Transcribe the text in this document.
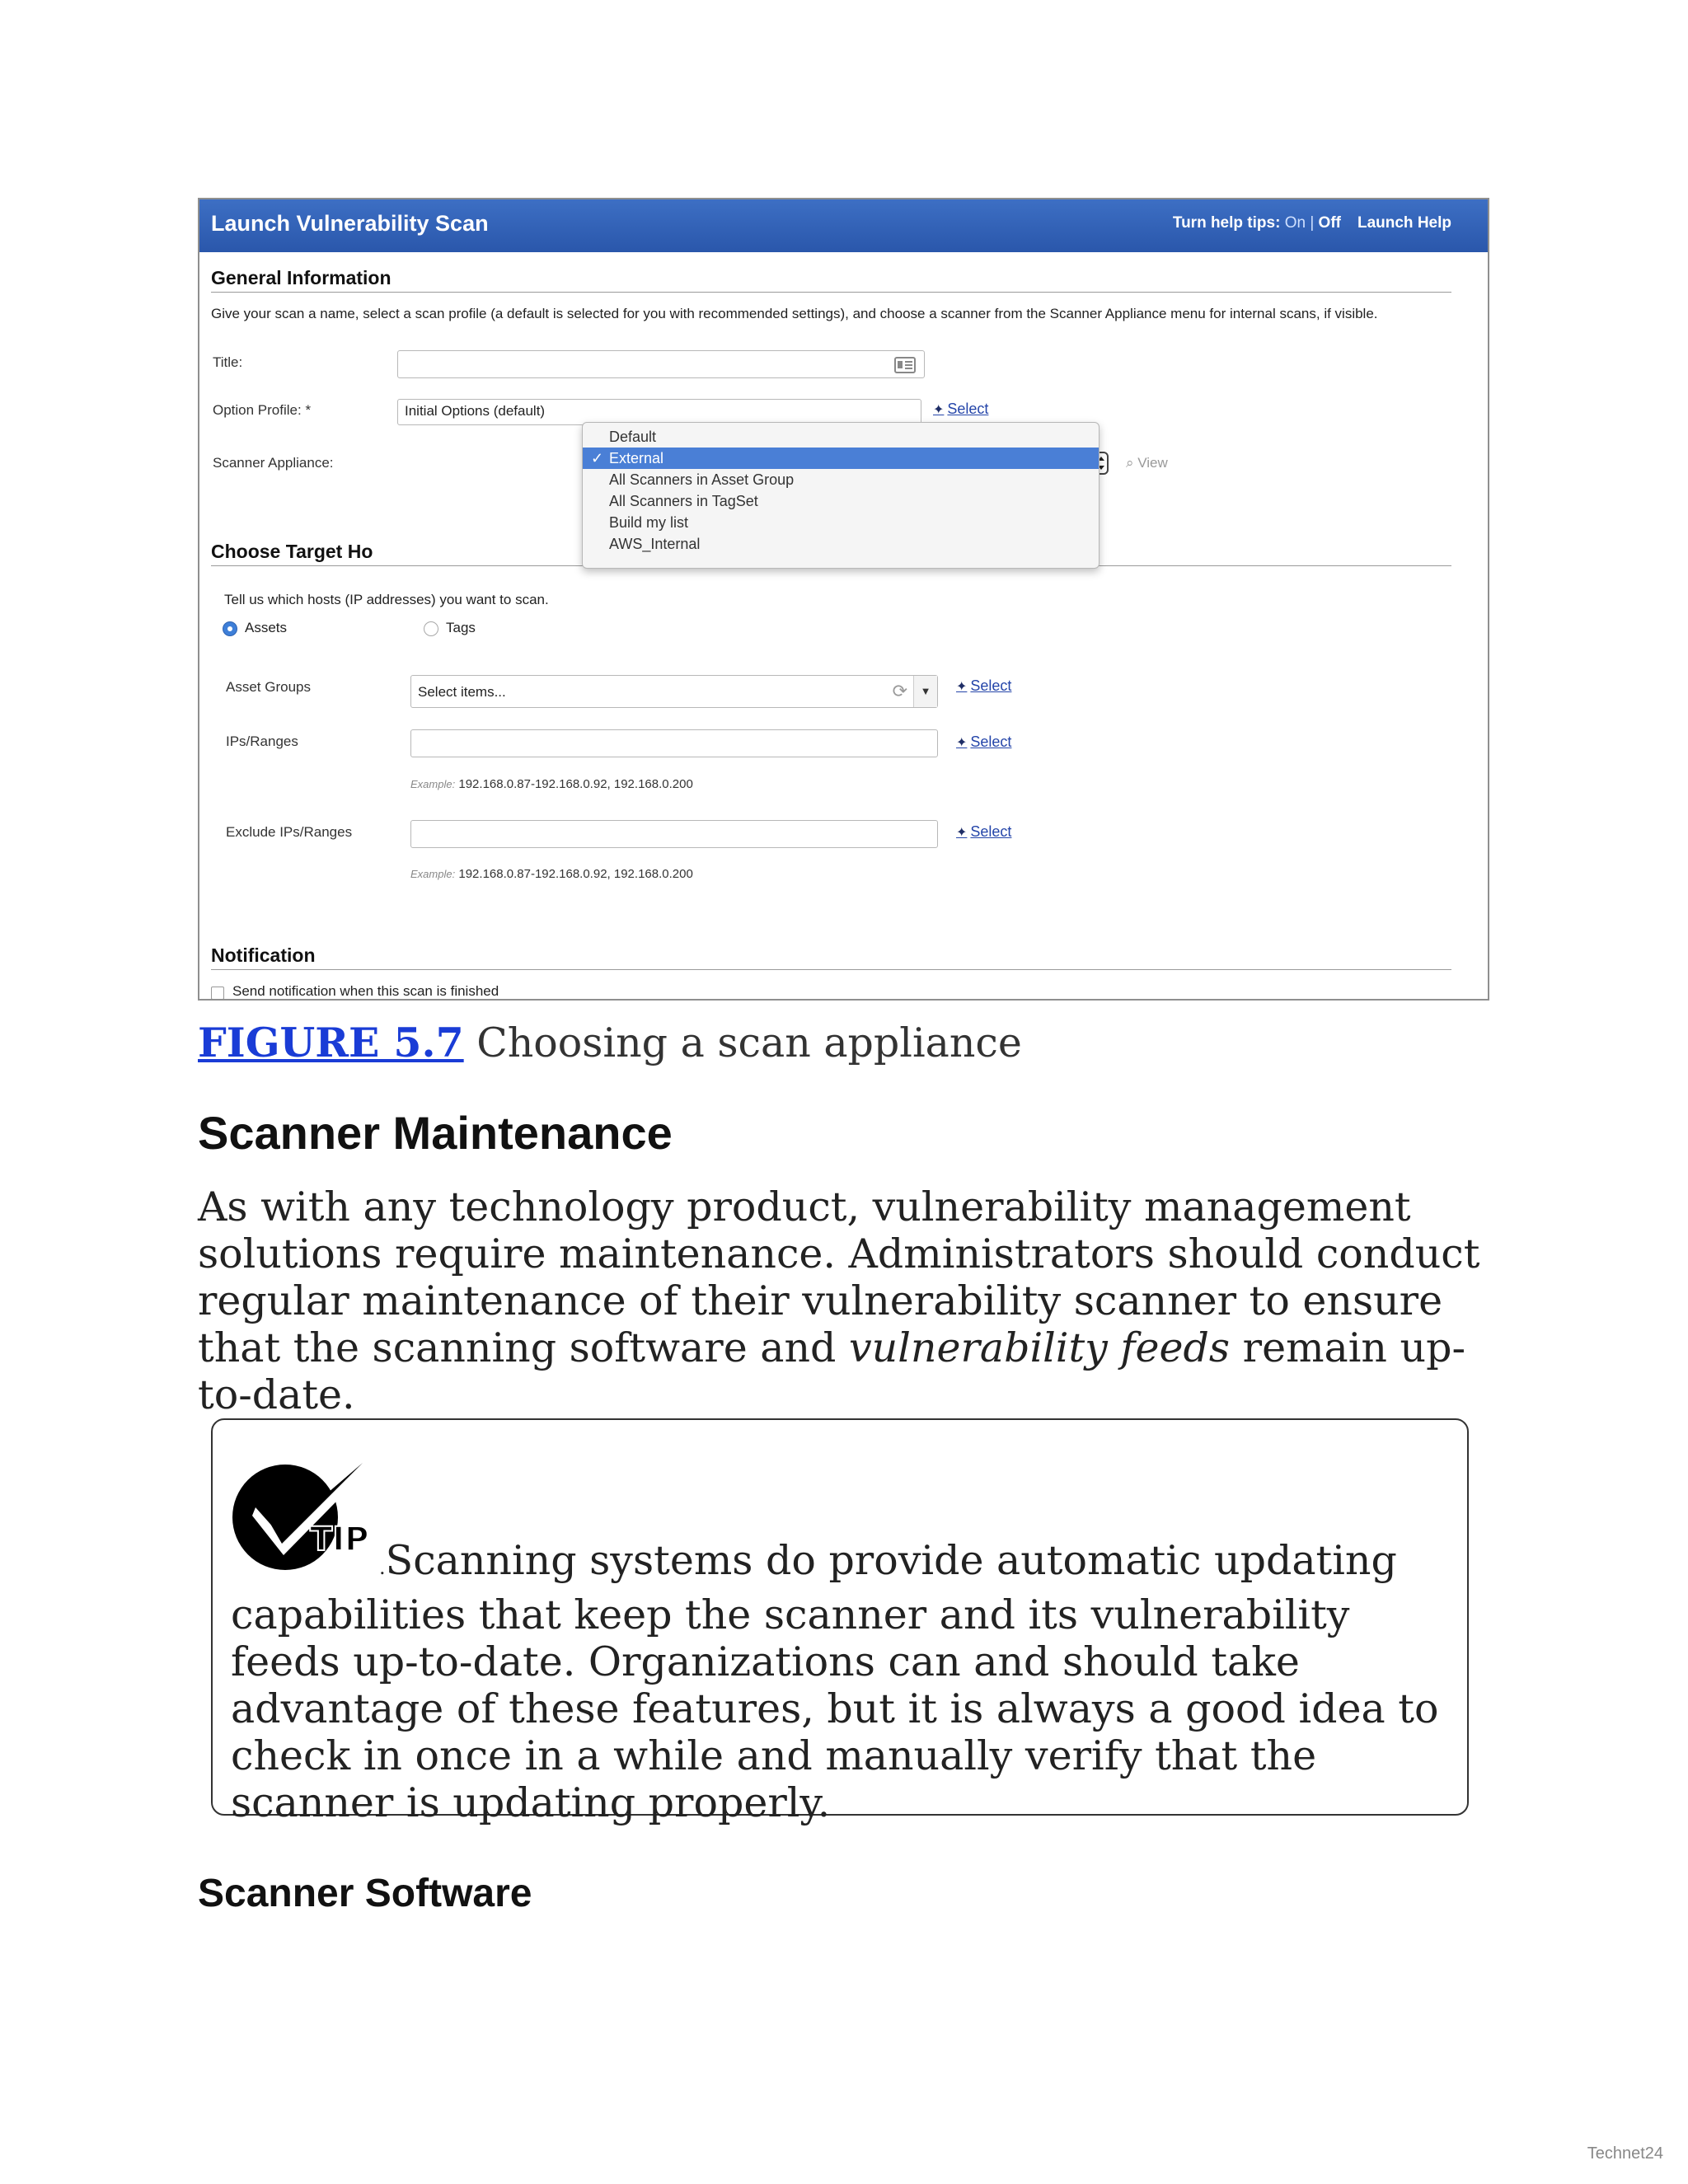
Launch Vulnerability Scan	Turn help tips: On | Off Launch Help
General Information
Give your scan a name, select a scan profile (a default is selected for you with recommended settings), and choose a scanner from the Scanner Appliance menu for internal scans, if visible.
Title:
Option Profile: *	Initial Options (default)	✦ Select
Scanner Appliance:	⌕ View
Choose Target Ho
Tell us which hosts (IP addresses) you want to scan.
Assets	Tags
Asset Groups	Select items...	⟳	▼	✦ Select
IPs/Ranges	✦ Select
Example: 192.168.0.87-192.168.0.92, 192.168.0.200
Exclude IPs/Ranges	✦ Select
Example: 192.168.0.87-192.168.0.92, 192.168.0.200
Notification
Send notification when this scan is finished
Default
✓ External
All Scanners in Asset Group
All Scanners in TagSet
Build my list
AWS_Internal
FIGURE 5.7 Choosing a scan appliance
Scanner Maintenance
As with any technology product, vulnerability management solutions require maintenance. Administrators should conduct regular maintenance of their vulnerability scanner to ensure that the scanning software and vulnerability feeds remain up-to-date.
TIP
.Scanning systems do provide automatic updating capabilities that keep the scanner and its vulnerability feeds up-to-date. Organizations can and should take advantage of these features, but it is always a good idea to check in once in a while and manually verify that the scanner is updating properly.
Scanner Software
Technet24
